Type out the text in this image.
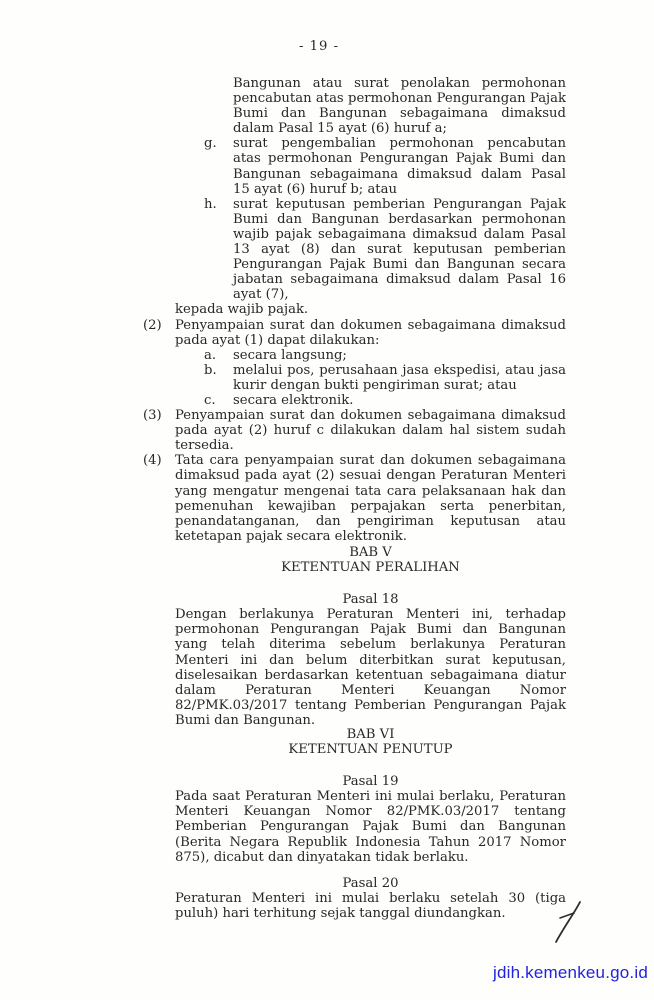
- 19 -
Bangunan atau surat penolakan permohonan pencabutan atas permohonan Pengurangan Pajak Bumi dan Bangunan sebagaimana dimaksud dalam Pasal 15 ayat (6) huruf a;
g. surat pengembalian permohonan pencabutan atas permohonan Pengurangan Pajak Bumi dan Bangunan sebagaimana dimaksud dalam Pasal 15 ayat (6) huruf b; atau
h. surat keputusan pemberian Pengurangan Pajak Bumi dan Bangunan berdasarkan permohonan wajib pajak sebagaimana dimaksud dalam Pasal 13 ayat (8) dan surat keputusan pemberian Pengurangan Pajak Bumi dan Bangunan secara jabatan sebagaimana dimaksud dalam Pasal 16 ayat (7),
kepada wajib pajak.
(2) Penyampaian surat dan dokumen sebagaimana dimaksud pada ayat (1) dapat dilakukan:
a. secara langsung;
b. melalui pos, perusahaan jasa ekspedisi, atau jasa kurir dengan bukti pengiriman surat; atau
c. secara elektronik.
(3) Penyampaian surat dan dokumen sebagaimana dimaksud pada ayat (2) huruf c dilakukan dalam hal sistem sudah tersedia.
(4) Tata cara penyampaian surat dan dokumen sebagaimana dimaksud pada ayat (2) sesuai dengan Peraturan Menteri yang mengatur mengenai tata cara pelaksanaan hak dan pemenuhan kewajiban perpajakan serta penerbitan, penandatanganan, dan pengiriman keputusan atau ketetapan pajak secara elektronik.
BAB V
KETENTUAN PERALIHAN
Pasal 18
Dengan berlakunya Peraturan Menteri ini, terhadap permohonan Pengurangan Pajak Bumi dan Bangunan yang telah diterima sebelum berlakunya Peraturan Menteri ini dan belum diterbitkan surat keputusan, diselesaikan berdasarkan ketentuan sebagaimana diatur dalam Peraturan Menteri Keuangan Nomor 82/PMK.03/2017 tentang Pemberian Pengurangan Pajak Bumi dan Bangunan.
BAB VI
KETENTUAN PENUTUP
Pasal 19
Pada saat Peraturan Menteri ini mulai berlaku, Peraturan Menteri Keuangan Nomor 82/PMK.03/2017 tentang Pemberian Pengurangan Pajak Bumi dan Bangunan (Berita Negara Republik Indonesia Tahun 2017 Nomor 875), dicabut dan dinyatakan tidak berlaku.
Pasal 20
Peraturan Menteri ini mulai berlaku setelah 30 (tiga puluh) hari terhitung sejak tanggal diundangkan.
jdih.kemenkeu.go.id
